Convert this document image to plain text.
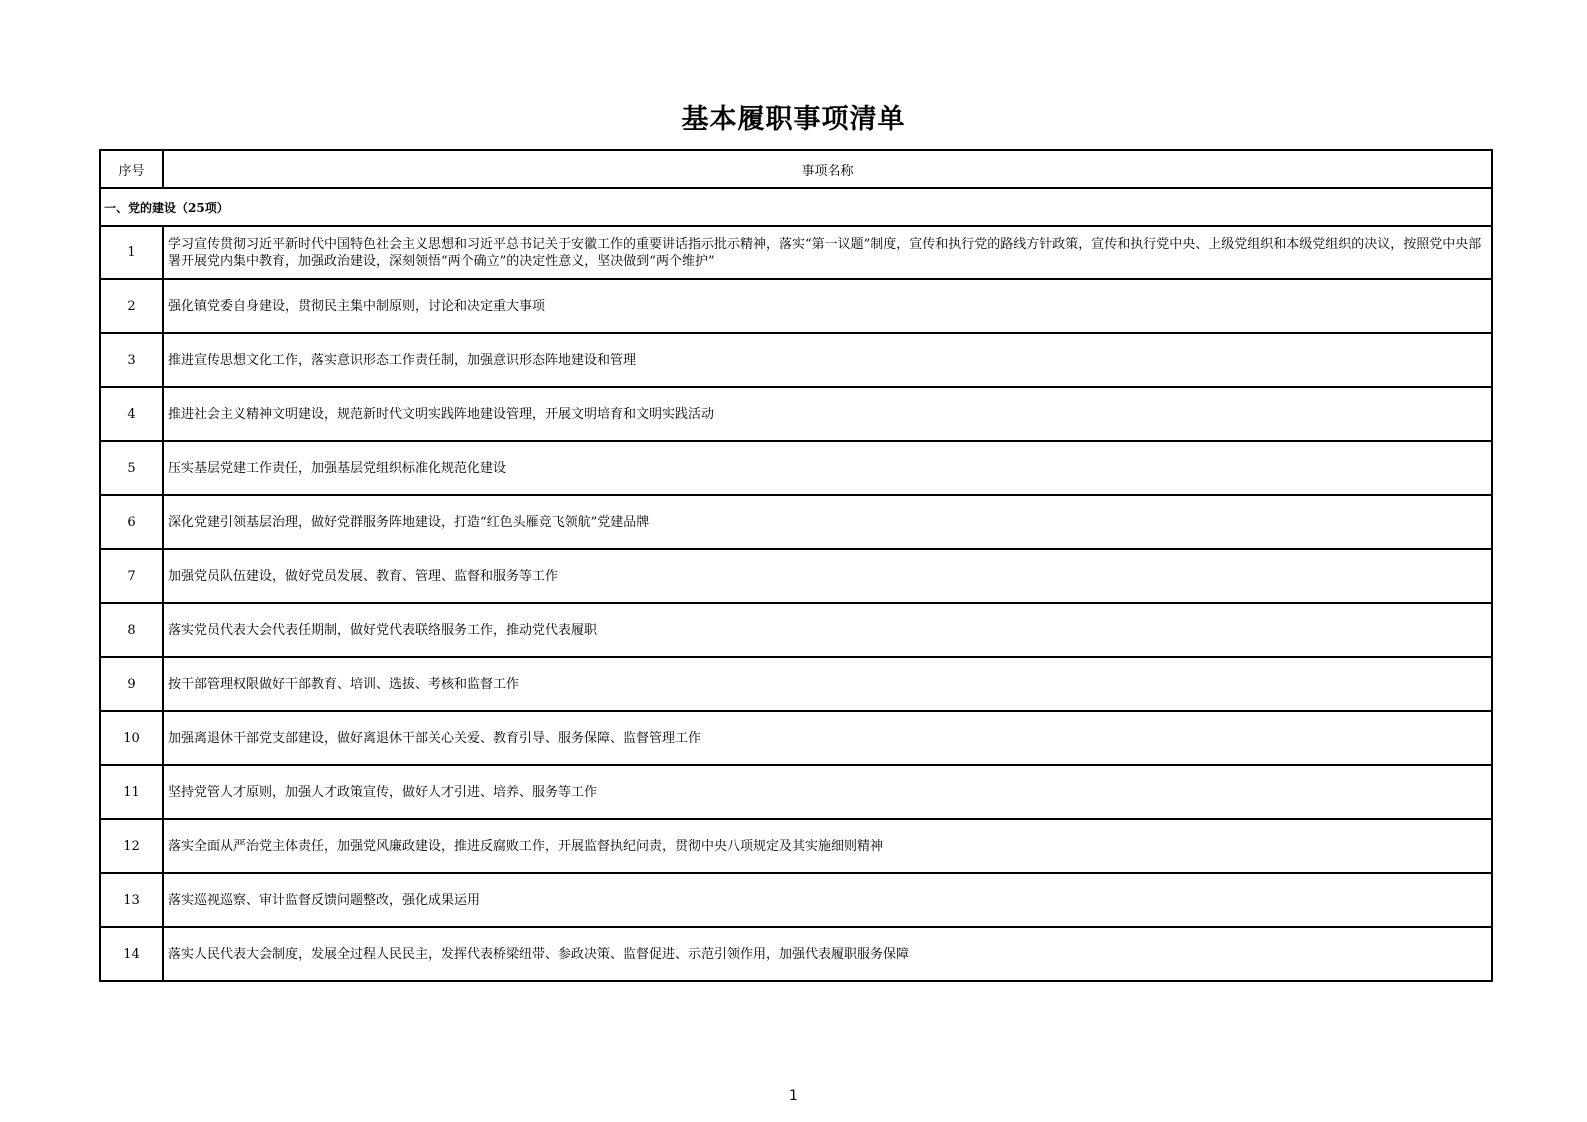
基本履职事项清单
序号	事项名称
一、党的建设（25项）	
1	学习宣传贯彻习近平新时代中国特色社会主义思想和习近平总书记关于安徽工作的重要讲话指示批示精神，落实“第一议题”制度，宣传和执行党的路线方针政策，宣传和执行党中央、上级党组织和本级党组织的决议，按照党中央部署开展党内集中教育，加强政治建设，深刻领悟“两个确立”的决定性意义，坚决做到“两个维护”
2	强化镇党委自身建设，贯彻民主集中制原则，讨论和决定重大事项
3	推进宣传思想文化工作，落实意识形态工作责任制，加强意识形态阵地建设和管理
4	推进社会主义精神文明建设，规范新时代文明实践阵地建设管理，开展文明培育和文明实践活动
5	压实基层党建工作责任，加强基层党组织标准化规范化建设
6	深化党建引领基层治理，做好党群服务阵地建设，打造“红色头雁竞飞领航”党建品牌
7	加强党员队伍建设，做好党员发展、教育、管理、监督和服务等工作
8	落实党员代表大会代表任期制，做好党代表联络服务工作，推动党代表履职
9	按干部管理权限做好干部教育、培训、选拔、考核和监督工作
10	加强离退休干部党支部建设，做好离退休干部关心关爱、教育引导、服务保障、监督管理工作
11	坚持党管人才原则，加强人才政策宣传，做好人才引进、培养、服务等工作
12	落实全面从严治党主体责任，加强党风廉政建设，推进反腐败工作，开展监督执纪问责，贯彻中央八项规定及其实施细则精神
13	落实巡视巡察、审计监督反馈问题整改，强化成果运用
14	落实人民代表大会制度，发展全过程人民民主，发挥代表桥梁纽带、参政决策、监督促进、示范引领作用，加强代表履职服务保障
1
